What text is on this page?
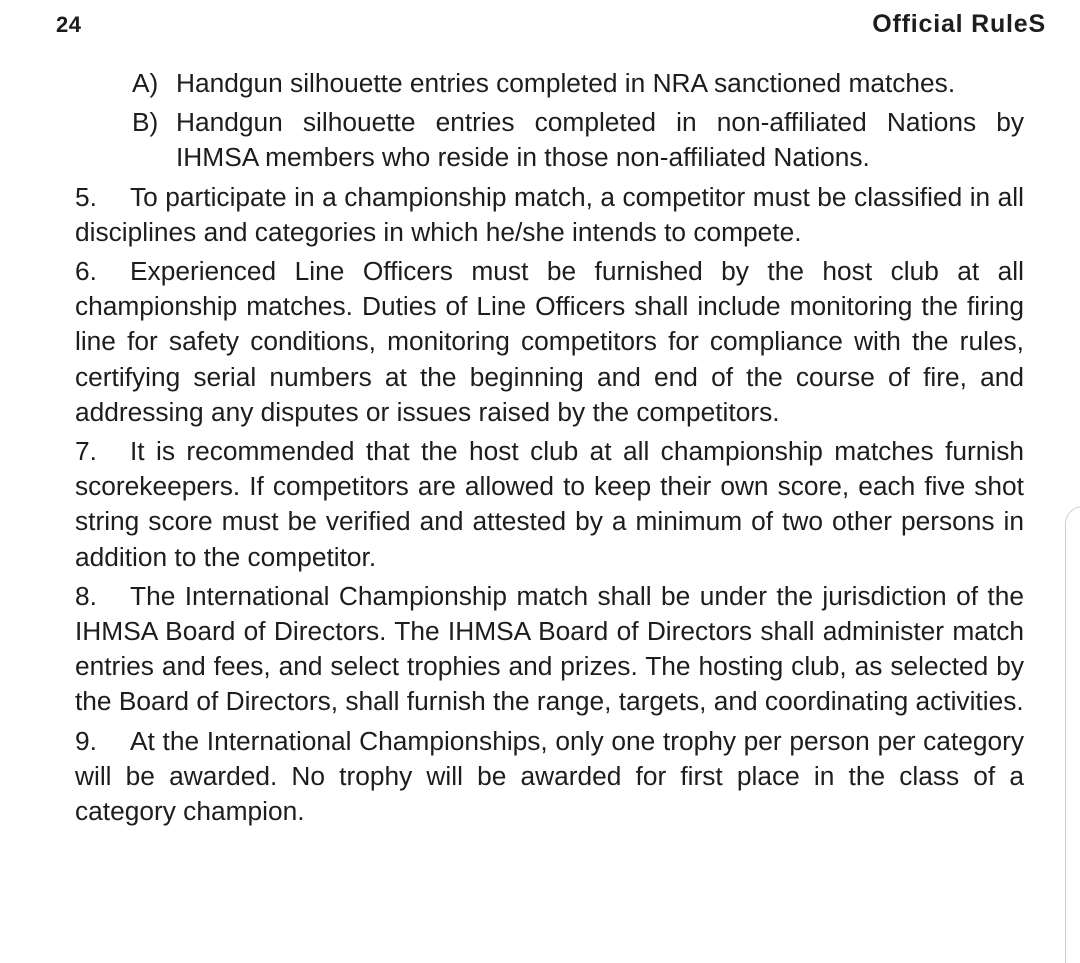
24	Official RuleS
A) Handgun silhouette entries completed in NRA sanctioned matches.
B) Handgun silhouette entries completed in non-affiliated Nations by IHMSA members who reside in those non-affiliated Nations.
5. To participate in a championship match, a competitor must be classified in all disciplines and categories in which he/she intends to compete.
6. Experienced Line Officers must be furnished by the host club at all championship matches. Duties of Line Officers shall include monitoring the firing line for safety conditions, monitoring competitors for compliance with the rules, certifying serial numbers at the beginning and end of the course of fire, and addressing any disputes or issues raised by the competitors.
7. It is recommended that the host club at all championship matches furnish scorekeepers. If competitors are allowed to keep their own score, each five shot string score must be verified and attested by a minimum of two other persons in addition to the competitor.
8. The International Championship match shall be under the jurisdiction of the IHMSA Board of Directors. The IHMSA Board of Directors shall administer match entries and fees, and select trophies and prizes. The hosting club, as selected by the Board of Directors, shall furnish the range, targets, and coordinating activities.
9. At the International Championships, only one trophy per person per category will be awarded. No trophy will be awarded for first place in the class of a category champion.
